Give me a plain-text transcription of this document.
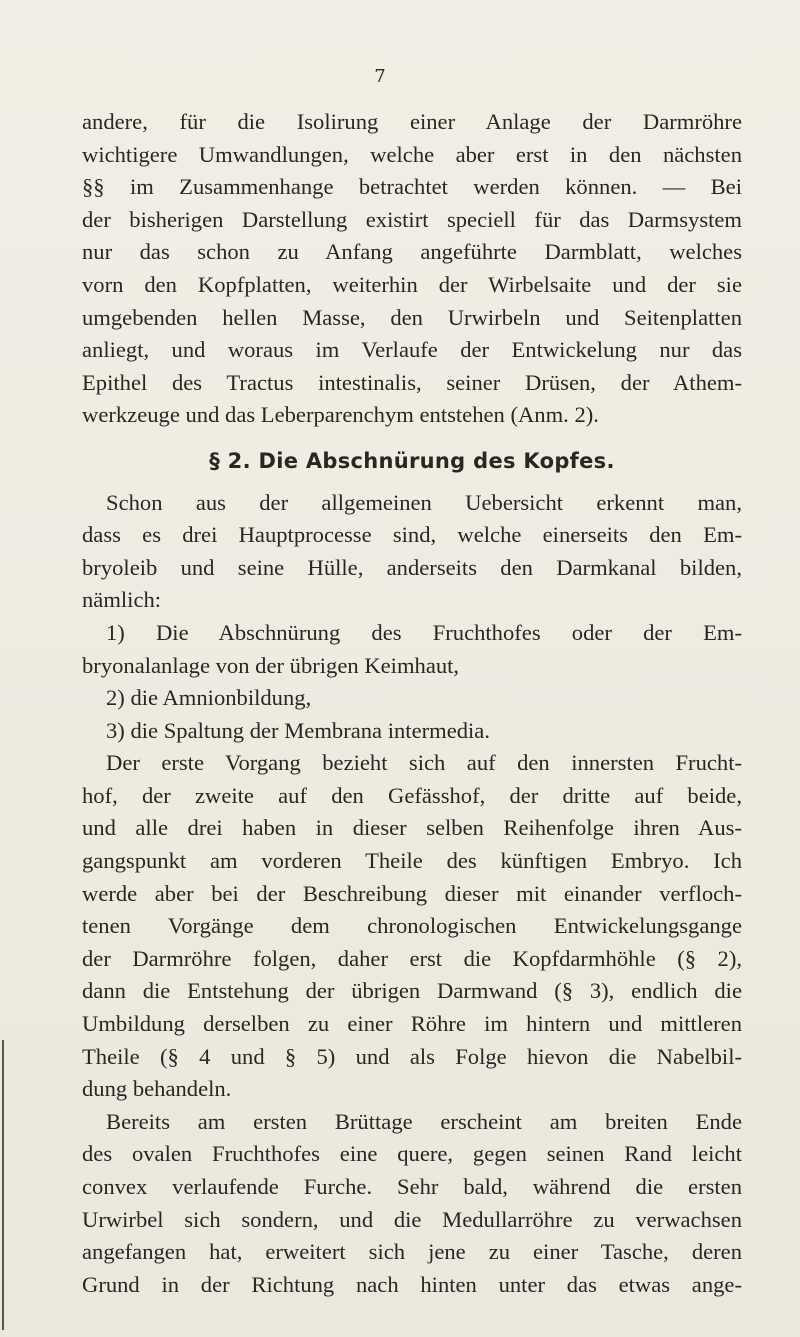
7

andere, für die Isolirung einer Anlage der Darmröhre

wichtigere Umwandlungen, welche aber erst in den nächsten

§§ im Zusammenhange betrachtet werden können. — Bei

der bisherigen Darstellung existirt speciell für das Darmsystem

nur das schon zu Anfang angeführte Darmblatt, welches

vorn den Kopfplatten, weiterhin der Wirbelsaite und der sie

umgebenden hellen Masse, den Urwirbeln und Seitenplatten

anliegt, und woraus im Verlaufe der Entwickelung nur das

Epithel des Tractus intestinalis, seiner Drüsen, der Athem-

werkzeuge und das Leberparenchym entstehen (Anm. 2).

§ 2. Die Abschnürung des Kopfes.

Schon aus der allgemeinen Uebersicht erkennt man,

dass es drei Hauptprocesse sind, welche einerseits den Em-

bryoleib und seine Hülle, anderseits den Darmkanal bilden,

nämlich:

1) Die Abschnürung des Fruchthofes oder der Em-

bryonalanlage von der übrigen Keimhaut,

2) die Amnionbildung,

3) die Spaltung der Membrana intermedia.

Der erste Vorgang bezieht sich auf den innersten Frucht-

hof, der zweite auf den Gefässhof, der dritte auf beide,

und alle drei haben in dieser selben Reihenfolge ihren Aus-

gangspunkt am vorderen Theile des künftigen Embryo. Ich

werde aber bei der Beschreibung dieser mit einander verfloch-

tenen Vorgänge dem chronologischen Entwickelungsgange

der Darmröhre folgen, daher erst die Kopfdarmhöhle (§ 2),

dann die Entstehung der übrigen Darmwand (§ 3), endlich die

Umbildung derselben zu einer Röhre im hintern und mittleren

Theile (§ 4 und § 5) und als Folge hievon die Nabelbil-

dung behandeln.

Bereits am ersten Brüttage erscheint am breiten Ende

des ovalen Fruchthofes eine quere, gegen seinen Rand leicht

convex verlaufende Furche. Sehr bald, während die ersten

Urwirbel sich sondern, und die Medullarröhre zu verwachsen

angefangen hat, erweitert sich jene zu einer Tasche, deren

Grund in der Richtung nach hinten unter das etwas ange-
